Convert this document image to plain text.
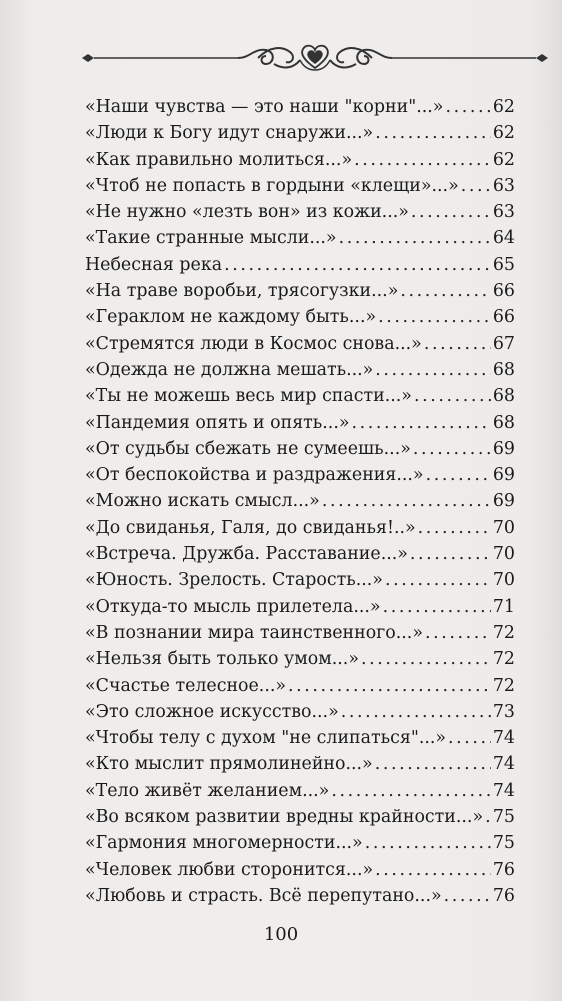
«Наши чувства — это наши "корни"...» .....	62
«Люди к Богу идут снаружи...» .....	62
«Как правильно молиться...» .....	62
«Чтоб не попасть в гордыни «клещи»...» ..... 63
«Не нужно «лезть вон» из кожи...» .....	63
«Такие странные мысли...» .....	64
Небесная река .....	65
«На траве воробьи, трясогузки...» .....	66
«Гераклом не каждому быть...» .....	66
«Стремятся люди в Космос снова...» .....	67
«Одежда не должна мешать...» .....	68
«Ты не можешь весь мир спасти...» .....	68
«Пандемия опять и опять...» .....	68
«От судьбы сбежать не сумеешь...» .....	69
«От беспокойства и раздражения...» .....	69
«Можно искать смысл...» .....	69
«До свиданья, Галя, до свиданья!..» .....	70
«Встреча. Дружба. Расставание...» .....	70
«Юность. Зрелость. Старость...» .....	70
«Откуда-то мысль прилетела...» .....	71
«В познании мира таинственного...» .....	72
«Нельзя быть только умом...» .....	72
«Счастье телесное...» .....	72
«Это сложное искусство...» .....	73
«Чтобы телу с духом "не слипаться"...» .....	74
«Кто мыслит прямолинейно...» .....	74
«Тело живёт желанием...» .....	74
«Во всяком развитии вредны крайности...» ..... 75
«Гармония многомерности...» .....	75
«Человек любви сторонится...» .....	76
«Любовь и страсть. Всё перепутано...» .....	76
100
